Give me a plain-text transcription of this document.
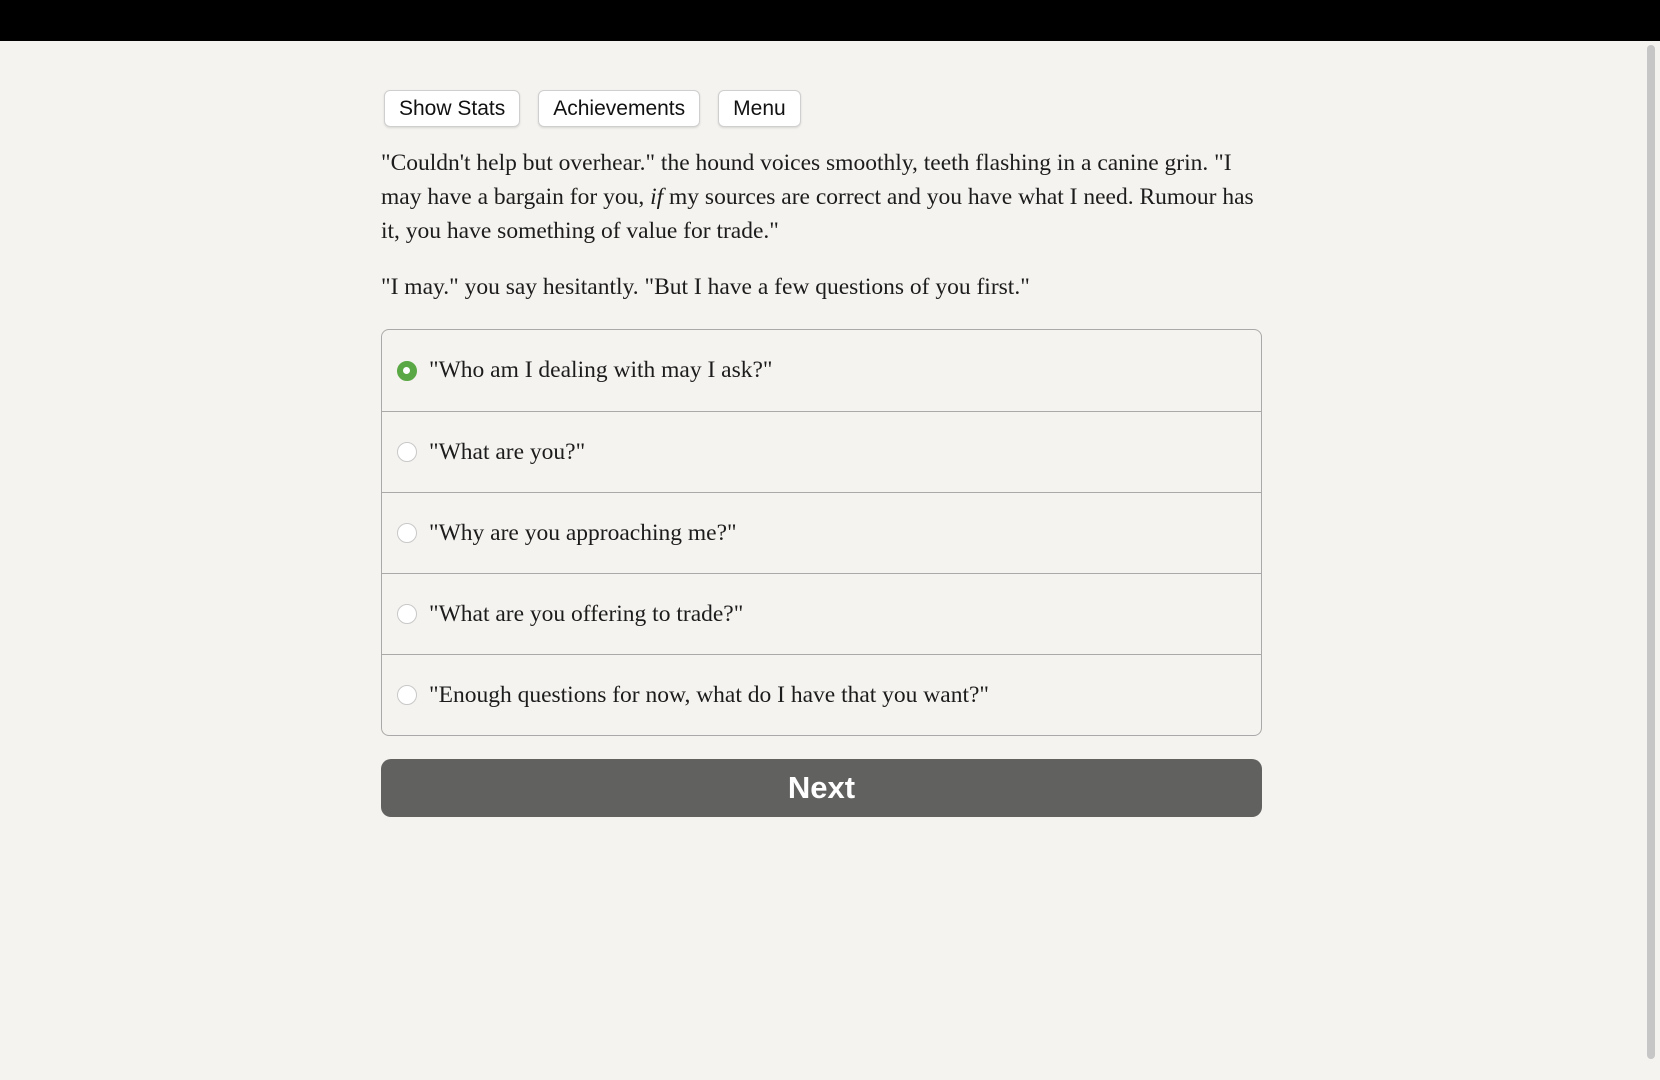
Show Stats	Achievements	Menu

"Couldn't help but overhear." the hound voices smoothly, teeth flashing in a canine grin. "I may have a bargain for you, if my sources are correct and you have what I need. Rumour has it, you have something of value for trade."

"I may." you say hesitantly. "But I have a few questions of you first."

"Who am I dealing with may I ask?"
"What are you?"
"Why are you approaching me?"
"What are you offering to trade?"
"Enough questions for now, what do I have that you want?"
Next
